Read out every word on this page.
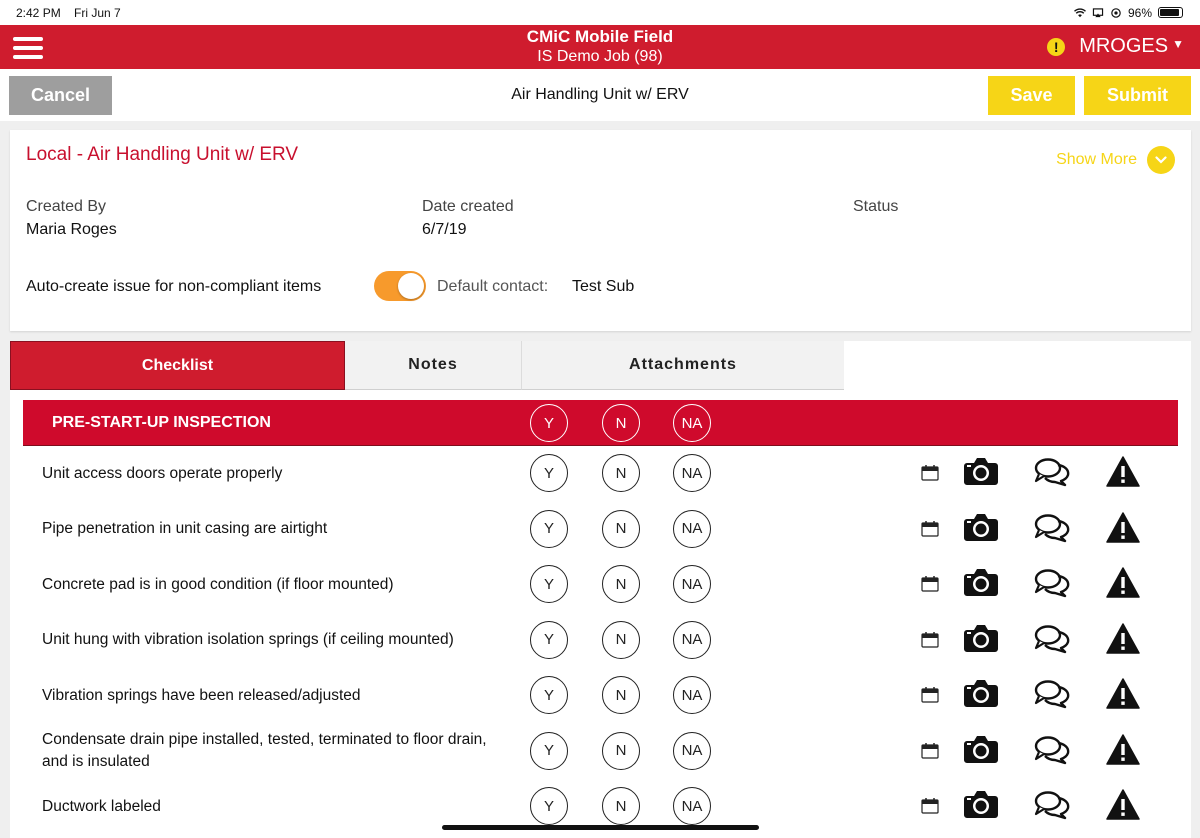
2:42 PM Fri Jun 7	96%
CMiC Mobile Field
IS Demo Job (98)
!	MROGES ▼
Cancel	Air Handling Unit w/ ERV	Save	Submit
Local - Air Handling Unit w/ ERV	Show More
Created By
Maria Roges
Date created
6/7/19
Status
Auto-create issue for non-compliant items	Default contact: Test Sub
Checklist	Notes	Attachments
PRE-START-UP INSPECTION	Y	N	NA
Unit access doors operate properly	Y	N	NA
Pipe penetration in unit casing are airtight	Y	N	NA
Concrete pad is in good condition (if floor mounted)	Y	N	NA
Unit hung with vibration isolation springs (if ceiling mounted)	Y	N	NA
Vibration springs have been released/adjusted	Y	N	NA
Condensate drain pipe installed, tested, terminated to floor drain, and is insulated
Y	N	NA
Ductwork labeled	Y	N	NA
